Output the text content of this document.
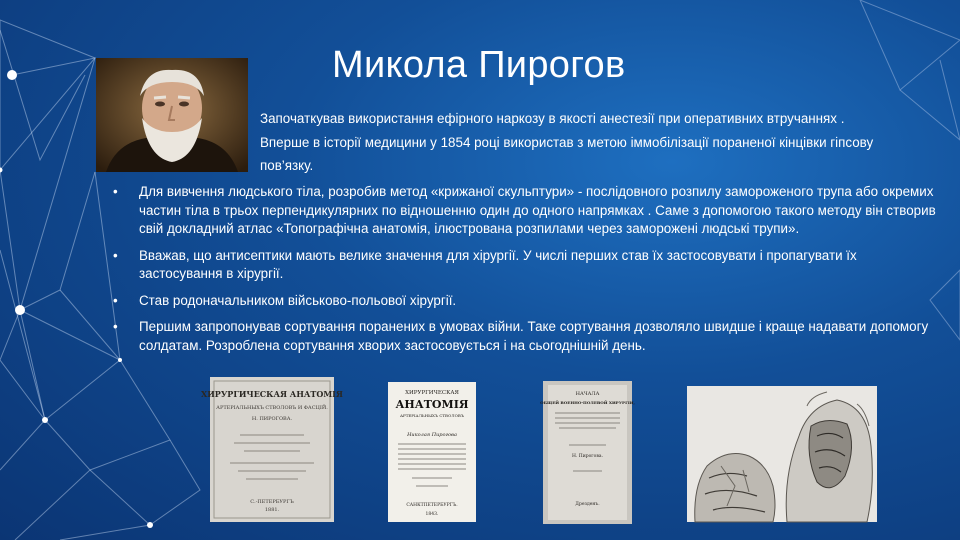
Микола Пирогов

Започаткував використання ефірного наркозу в якості анестезії при оперативних втручаннях .

Вперше в історії медицини у 1854 році використав з метою іммобілізації пораненої кінцівки гіпсову

пов’язку.

• Для вивчення людського тіла, розробив метод «крижаної скульптури» - послідовного розпилу замороженого трупа або окремих частин тіла в трьох перпендикулярних по відношенню один до одного напрямках . Саме з допомогою такого методу він створив свій докладний атлас «Топографічна анатомія, ілюстрована розпилами через заморожені людські трупи».
• Вважав, що антисептики мають велике значення для хірургії. У числі перших став їх застосовувати і пропагувати їх застосування в хірургії.
• Став родоначальником військово-польової хірургії.
• Першим запропонував сортування поранених в умовах війни. Таке сортування дозволяло швидше і краще надавати допомогу солдатам. Розроблена сортування хворих застосовується і на сьогоднішній день.
ХИРУРГИЧЕСКАЯ АНАТОМІЯ
АРТЕРІАЛЬНЫХЪ СТВОЛОВЪ И ФАСЦІЙ.
Н. ПИРОГОВА.
С.-ПЕТЕРБУРГЪ
1881.
ХИРУРГИЧЕСКАЯ
АНАТОМІЯ
АРТЕРІАЛЬНЫХЪ СТВОЛОВЪ
Николая Пирогова
САНКТПЕТЕРБУРГЪ.
1843.
НАЧАЛА
ОБЩЕЙ ВОЕННО-ПОЛЕВОЙ ХИРУРГІИ,
Н. Пирогова.
Дрезденъ.
